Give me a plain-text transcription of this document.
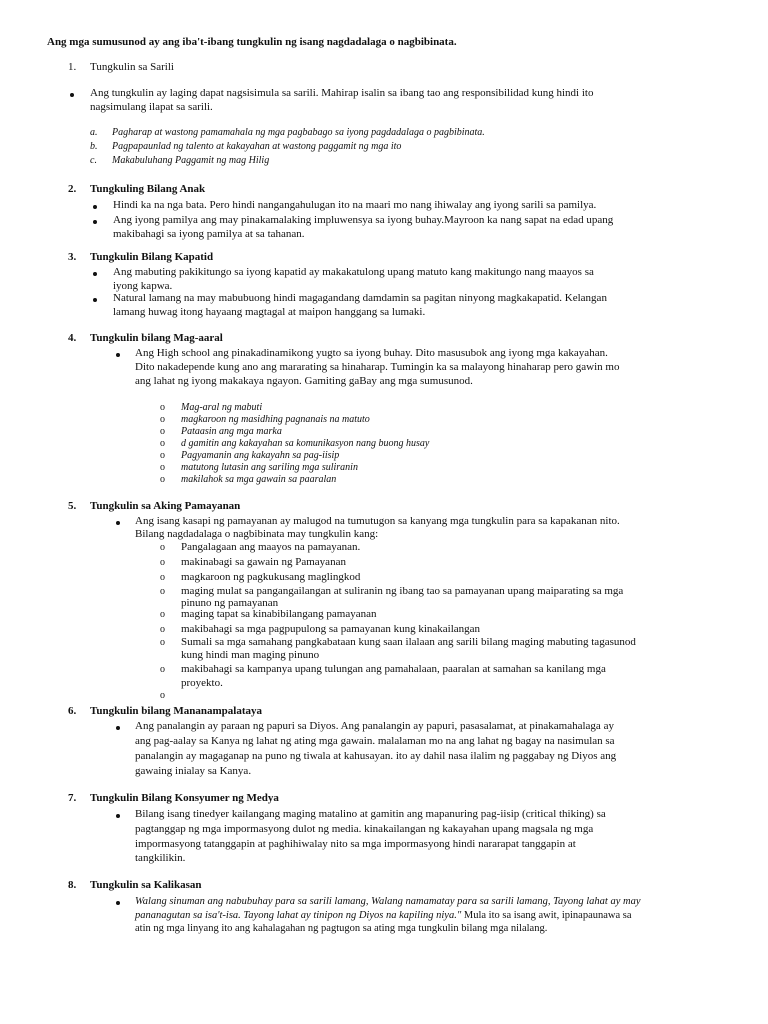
Ang mga sumusunod ay ang iba't-ibang tungkulin ng isang nagdadalaga o nagbibinata.
1. Tungkulin sa Sarili
Ang tungkulin ay laging dapat nagsisimula sa sarili. Mahirap isalin sa ibang tao ang responsibilidad kung hindi ito
nagsimulang ilapat sa sarili.
a. Pagharap at wastong pamamahala ng mga pagbabago sa iyong pagdadalaga o pagbibinata.
b. Pagpapaunlad ng talento at kakayahan at wastong paggamit ng mga ito
c. Makabuluhang Paggamit ng mag Hilig
2. Tungkuling Bilang Anak
Hindi ka na nga bata. Pero hindi nangangahulugan ito na maari mo nang ihiwalay ang iyong sarili sa pamilya.
Ang iyong pamilya ang may pinakamalaking impluwensya sa iyong buhay.Mayroon ka nang sapat na edad upang
makibahagi sa iyong pamilya at sa tahanan.
3. Tungkulin Bilang Kapatid
Ang mabuting pakikitungo sa iyong kapatid ay makakatulong upang matuto kang makitungo nang maayos sa
iyong kapwa.
Natural lamang na may mabubuong hindi magagandang damdamin sa pagitan ninyong magkakapatid. Kelangan
lamang huwag itong hayaang magtagal at maipon hanggang sa lumaki.
4. Tungkulin bilang Mag-aaral
Ang High school ang pinakadinamikong yugto sa iyong buhay. Dito masusubok ang iyong mga kakayahan.
Dito nakadepende kung ano ang mararating sa hinaharap. Tumingin ka sa malayong hinaharap pero gawin mo
ang lahat ng iyong makakaya ngayon. Gamiting gaBay ang mga sumusunod.
o Mag-aral ng mabuti
o magkaroon ng masidhing pagnanais na matuto
o Pataasin ang mga marka
o d gamitin ang kakayahan sa komunikasyon nang buong husay
o Pagyamanin ang kakayahn sa pag-iisip
o matutong lutasin ang sariling mga suliranin
o makilahok sa mga gawain sa paaralan
5. Tungkulin sa Aking Pamayanan
Ang isang kasapi ng pamayanan ay malugod na tumutugon sa kanyang mga tungkulin para sa kapakanan nito.
Bilang nagdadalaga o nagbibinata may tungkulin kang:
o Pangalagaan ang maayos na pamayanan.
o makinabagi sa gawain ng Pamayanan
o magkaroon ng pagkukusang maglingkod
o maging mulat sa pangangailangan at suliranin ng ibang tao sa pamayanan upang maiparating sa mga
pinuno ng pamayanan
o maging tapat sa kinabibilangang pamayanan
o makibahagi sa mga pagpupulong sa pamayanan kung kinakailangan
o Sumali sa mga samahang pangkabataan kung saan ilalaan ang sarili bilang maging mabuting tagasunod
kung hindi man maging pinuno
o makibahagi sa kampanya upang tulungan ang pamahalaan, paaralan at samahan sa kanilang mga
proyekto.
o
6. Tungkulin bilang Mananampalataya
Ang panalangin ay paraan ng papuri sa Diyos. Ang panalangin ay papuri, pasasalamat, at pinakamahalaga ay
ang pag-aalay sa Kanya ng lahat ng ating mga gawain. malalaman mo na ang lahat ng bagay na nasimulan sa
panalangin ay magaganap na puno ng tiwala at kahusayan. ito ay dahil nasa ilalim ng paggabay ng Diyos ang
gawaing inialay sa Kanya.
7. Tungkulin Bilang Konsyumer ng Medya
Bilang isang tinedyer kailangang maging matalino at gamitin ang mapanuring pag-iisip (critical thiking) sa
pagtanggap ng mga impormasyong dulot ng media. kinakailangan ng kakayahan upang magsala ng mga
impormasyong tatanggapin at paghihiwalay nito sa mga impormasyong hindi nararapat tanggapin at
tangkilikin.
8. Tungkulin sa Kalikasan
Walang sinuman ang nabubuhay para sa sarili lamang, Walang namamatay para sa sarili lamang, Tayong lahat ay may
pananagutan sa isa't-isa. Tayong lahat ay tinipon ng Diyos na kapiling niya." Mula ito sa isang awit, ipinapaunawa sa
atin ng mga linyang ito ang kahalagahan ng pagtugon sa ating mga tungkulin bilang mga nilalang.
